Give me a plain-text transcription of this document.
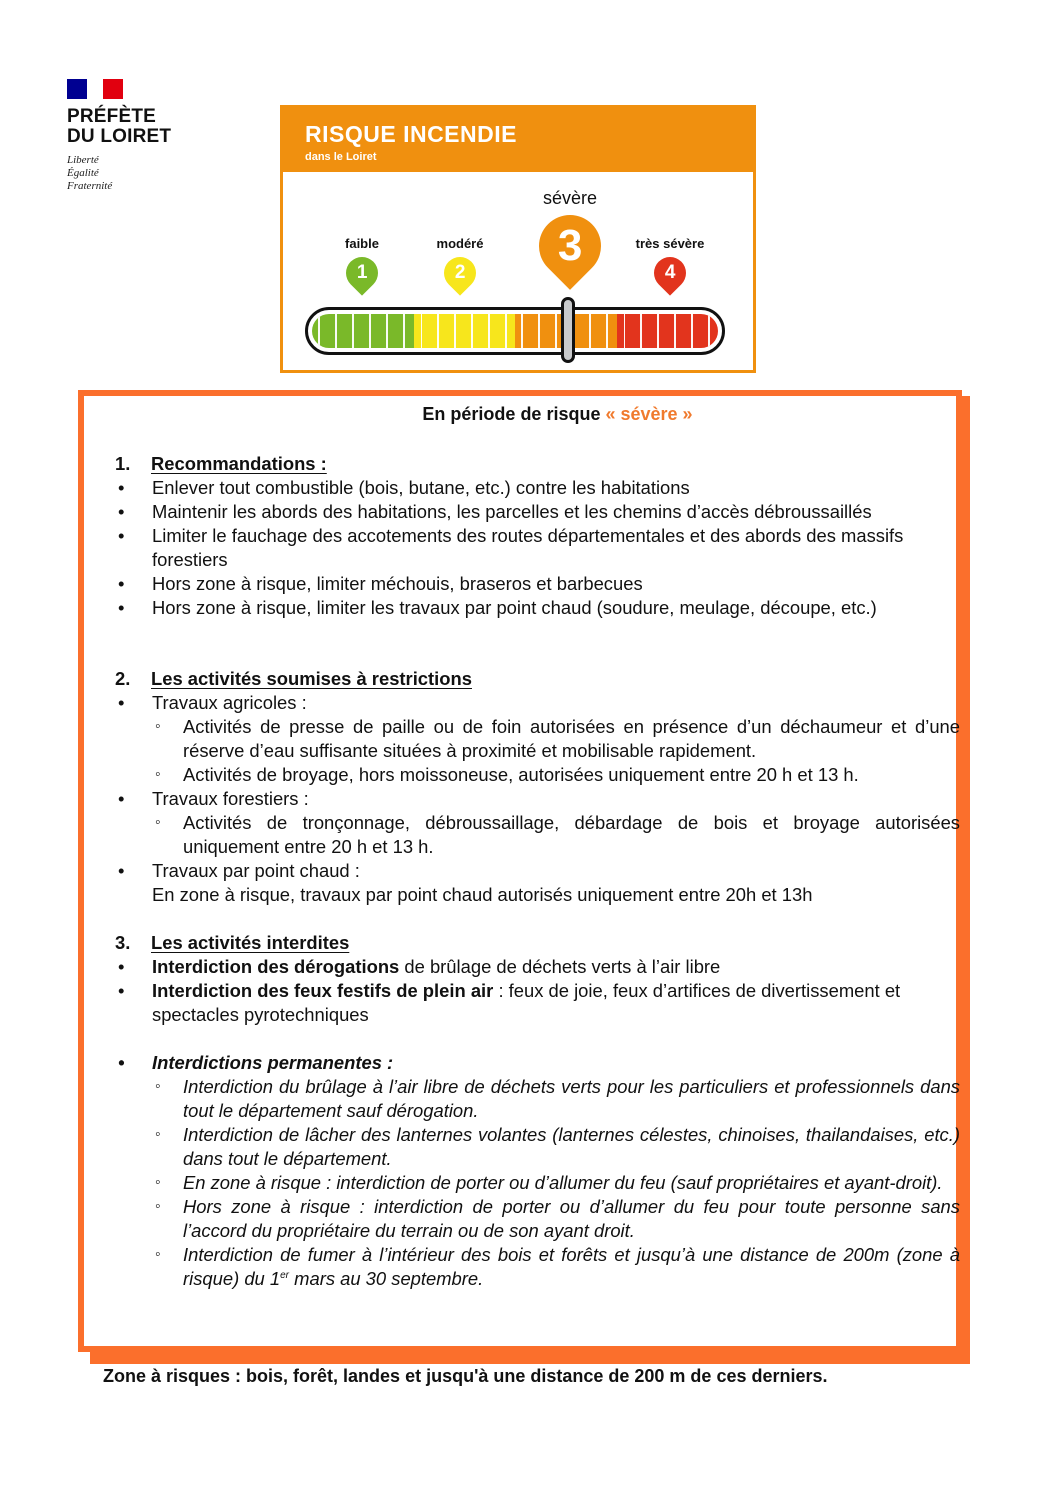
PRÉFÈTE
DU LOIRET
Liberté
Égalité
Fraternité
RISQUE INCENDIE
dans le Loiret
faible
1
modéré
2
sévère
3	très sévère
4
En période de risque « sévère »
1. Recommandations :
• Enlever tout combustible (bois, butane, etc.) contre les habitations
• Maintenir les abords des habitations, les parcelles et les chemins d’accès débroussaillés
• Limiter le fauchage des accotements des routes départementales et des abords des massifs forestiers
• Hors zone à risque, limiter méchouis, braseros et barbecues
• Hors zone à risque, limiter les travaux par point chaud (soudure, meulage, découpe, etc.)
2. Les activités soumises à restrictions
• Travaux agricoles :
◦ Activités de presse de paille ou de foin autorisées en présence d’un déchaumeur et d’une réserve d’eau suffisante situées à proximité et mobilisable rapidement.
◦ Activités de broyage, hors moissoneuse, autorisées uniquement entre 20 h et 13 h.
• Travaux forestiers :
◦ Activités de tronçonnage, débroussaillage, débardage de bois et broyage autorisées uniquement entre 20 h et 13 h.
• Travaux par point chaud :
En zone à risque, travaux par point chaud autorisés uniquement entre 20h et 13h
3. Les activités interdites
• Interdiction des dérogations de brûlage de déchets verts à l’air libre
• Interdiction des feux festifs de plein air : feux de joie, feux d’artifices de divertissement et spectacles pyrotechniques
• Interdictions permanentes :
◦ Interdiction du brûlage à l’air libre de déchets verts pour les particuliers et professionnels dans tout le département sauf dérogation.
◦ Interdiction de lâcher des lanternes volantes (lanternes célestes, chinoises, thailandaises, etc.) dans tout le département.
◦ En zone à risque : interdiction de porter ou d’allumer du feu (sauf propriétaires et ayant-droit).
◦ Hors zone à risque : interdiction de porter ou d’allumer du feu pour toute personne sans l’accord du propriétaire du terrain ou de son ayant droit.
◦ Interdiction de fumer à l’intérieur des bois et forêts et jusqu’à une distance de 200m (zone à risque) du 1er mars au 30 septembre.
Zone à risques : bois, forêt, landes et jusqu'à une distance de 200 m de ces derniers.
